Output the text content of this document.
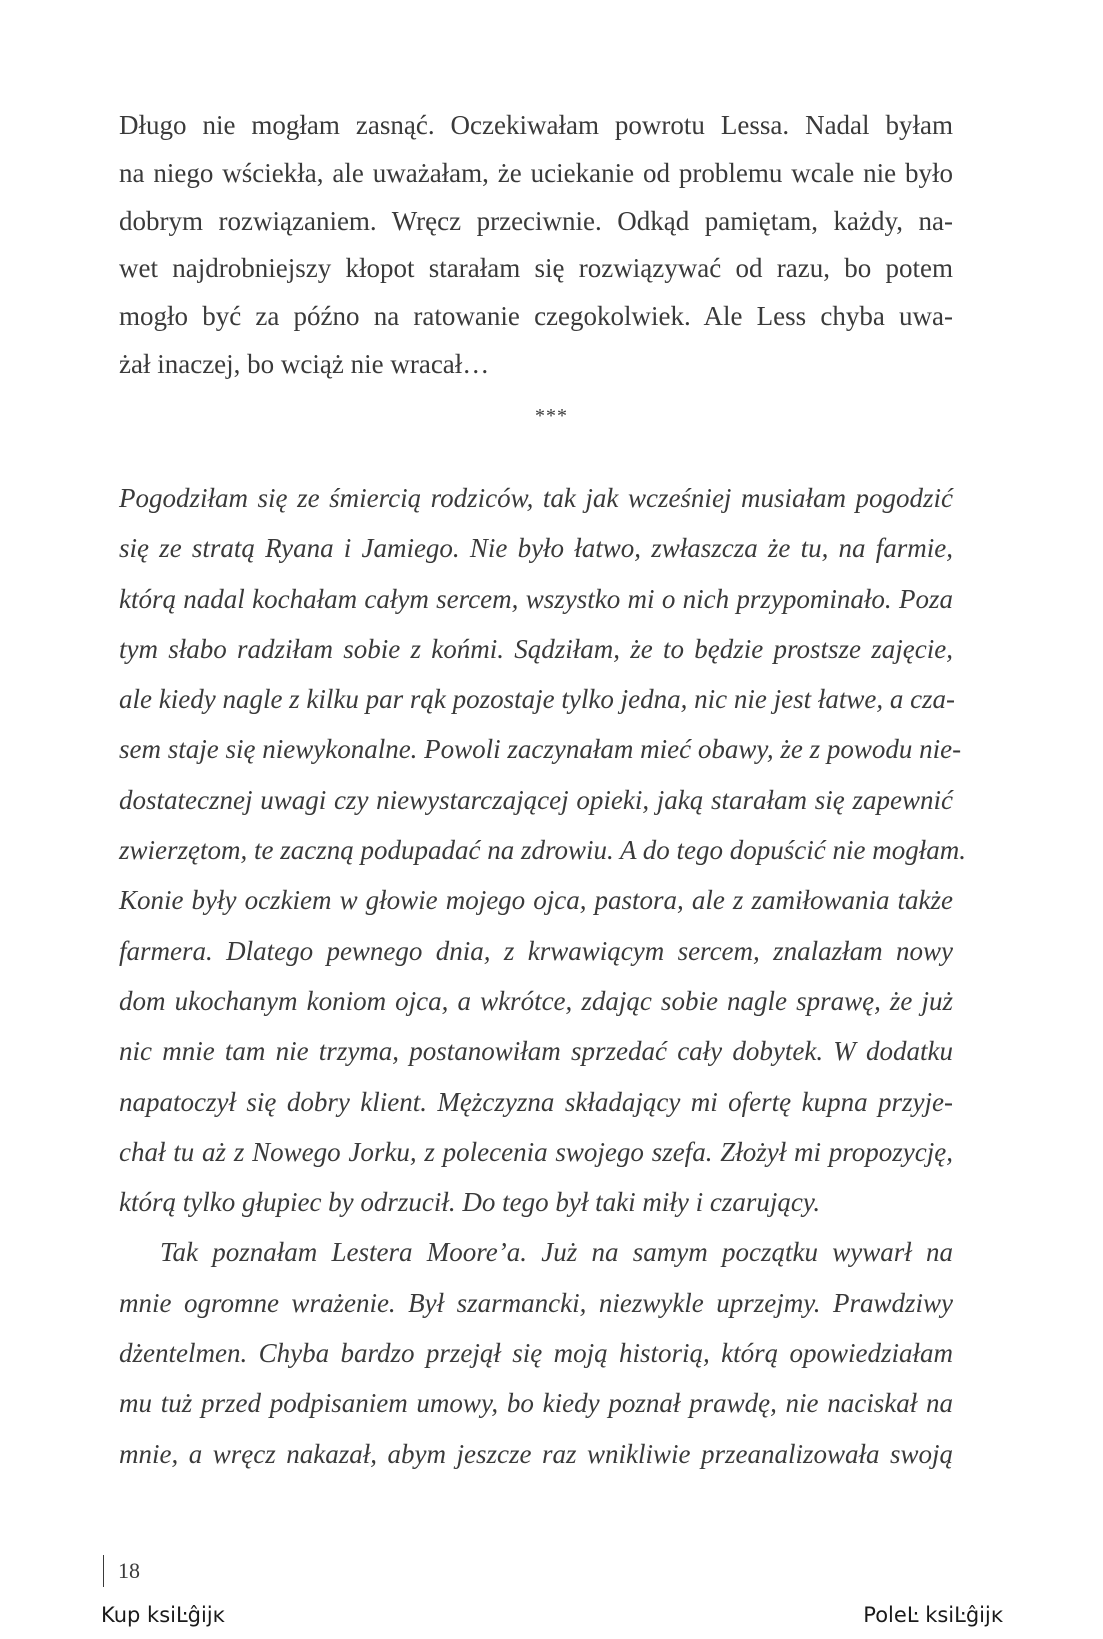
Długo nie mogłam zasnąć. Oczekiwałam powrotu Lessa. Nadal byłam
na niego wściekła, ale uważałam, że uciekanie od problemu wcale nie było
dobrym rozwiązaniem. Wręcz przeciwnie. Odkąd pamiętam, każdy, na-
wet najdrobniejszy kłopot starałam się rozwiązywać od razu, bo potem
mogło być za późno na ratowanie czegokolwiek. Ale Less chyba uwa-
żał inaczej, bo wciąż nie wracał…
***
Pogodziłam się ze śmiercią rodziców, tak jak wcześniej musiałam pogodzić
się ze stratą Ryana i Jamiego. Nie było łatwo, zwłaszcza że tu, na farmie,
którą nadal kochałam całym sercem, wszystko mi o nich przypominało. Poza
tym słabo radziłam sobie z końmi. Sądziłam, że to będzie prostsze zajęcie,
ale kiedy nagle z kilku par rąk pozostaje tylko jedna, nic nie jest łatwe, a cza-
sem staje się niewykonalne. Powoli zaczynałam mieć obawy, że z powodu nie-
dostatecznej uwagi czy niewystarczającej opieki, jaką starałam się zapewnić
zwierzętom, te zaczną podupadać na zdrowiu. A do tego dopuścić nie mogłam.
Konie były oczkiem w głowie mojego ojca, pastora, ale z zamiłowania także
farmera. Dlatego pewnego dnia, z krwawiącym sercem, znalazłam nowy
dom ukochanym koniom ojca, a wkrótce, zdając sobie nagle sprawę, że już
nic mnie tam nie trzyma, postanowiłam sprzedać cały dobytek. W dodatku
napatoczył się dobry klient. Mężczyzna składający mi ofertę kupna przyje-
chał tu aż z Nowego Jorku, z polecenia swojego szefa. Złożył mi propozycję,
którą tylko głupiec by odrzucił. Do tego był taki miły i czarujący.
Tak poznałam Lestera Moore’a. Już na samym początku wywarł na
mnie ogromne wrażenie. Był szarmancki, niezwykle uprzejmy. Prawdziwy
dżentelmen. Chyba bardzo przejął się moją historią, którą opowiedziałam
mu tuż przed podpisaniem umowy, bo kiedy poznał prawdę, nie naciskał na
mnie, a wręcz nakazał, abym jeszcze raz wnikliwie przeanalizowała swoją
18
Kup ksiĿĝĳĸ	PoleĿ ksiĿĝĳĸ
